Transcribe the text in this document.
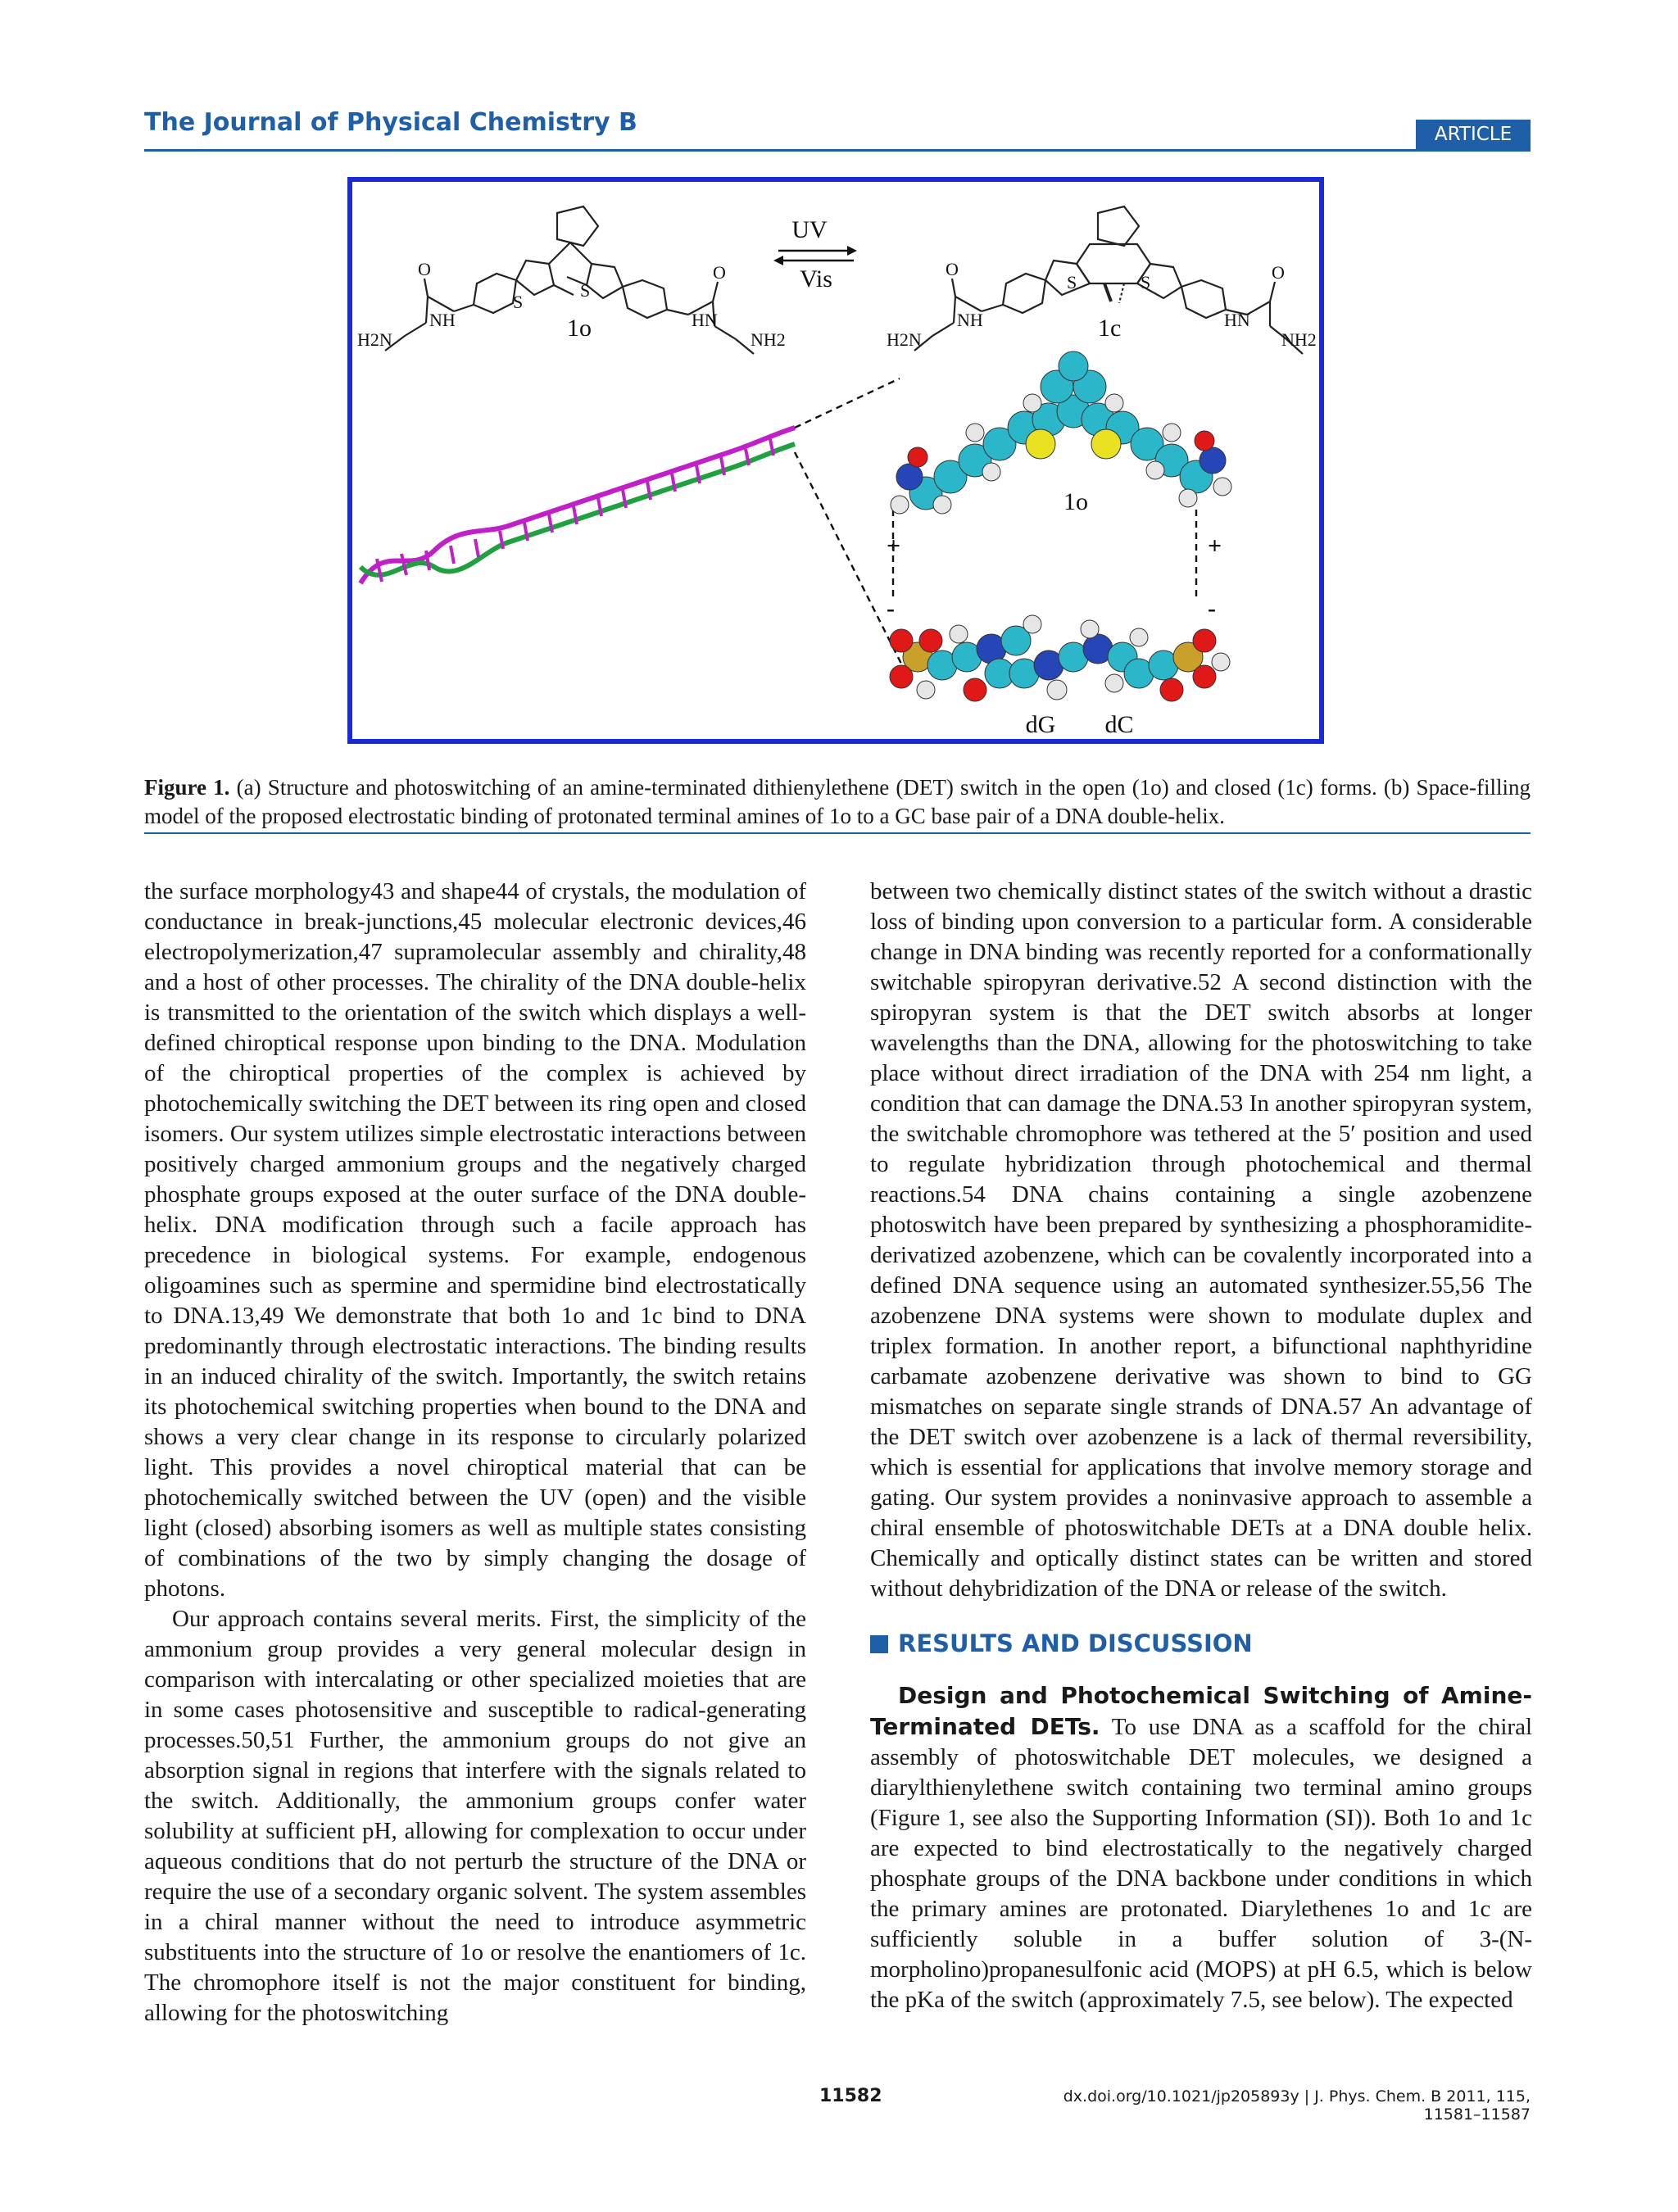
The Journal of Physical Chemistry B	ARTICLE
S
S
O	O
NH	HN
H2N	NH2
1o
UV
Vis	S	S
O	O
NH	HN
H2N	NH2
1c
1o
+	+
-	-
dG dC
Figure 1. (a) Structure and photoswitching of an amine-terminated dithienylethene (DET) switch in the open (1o) and closed (1c) forms. (b) Space-filling model of the proposed electrostatic binding of protonated terminal amines of 1o to a GC base pair of a DNA double-helix.

the surface morphology43 and shape44 of crystals, the modulation of conductance in break-junctions,45 molecular electronic devices,46 electropolymerization,47 supramolecular assembly and chirality,48 and a host of other processes. The chirality of the DNA double-helix is transmitted to the orientation of the switch which displays a well-defined chiroptical response upon binding to the DNA. Modulation of the chiroptical properties of the complex is achieved by photochemically switching the DET between its ring open and closed isomers. Our system utilizes simple electrostatic interactions between positively charged ammonium groups and the negatively charged phosphate groups exposed at the outer surface of the DNA double-helix. DNA modification through such a facile approach has precedence in biological systems. For example, endogenous oligoamines such as spermine and spermidine bind electrostatically to DNA.13,49 We demonstrate that both 1o and 1c bind to DNA predominantly through electrostatic interactions. The binding results in an induced chirality of the switch. Importantly, the switch retains its photochemical switching properties when bound to the DNA and shows a very clear change in its response to circularly polarized light. This provides a novel chiroptical material that can be photochemically switched between the UV (open) and the visible light (closed) absorbing isomers as well as multiple states consisting of combinations of the two by simply changing the dosage of photons.

Our approach contains several merits. First, the simplicity of the ammonium group provides a very general molecular design in comparison with intercalating or other specialized moieties that are in some cases photosensitive and susceptible to radical-generating processes.50,51 Further, the ammonium groups do not give an absorption signal in regions that interfere with the signals related to the switch. Additionally, the ammonium groups confer water solubility at sufficient pH, allowing for complexation to occur under aqueous conditions that do not perturb the structure of the DNA or require the use of a secondary organic solvent. The system assembles in a chiral manner without the need to introduce asymmetric substituents into the structure of 1o or resolve the enantiomers of 1c. The chromophore itself is not the major constituent for binding, allowing for the photoswitching

between two chemically distinct states of the switch without a drastic loss of binding upon conversion to a particular form. A considerable change in DNA binding was recently reported for a conformationally switchable spiropyran derivative.52 A second distinction with the spiropyran system is that the DET switch absorbs at longer wavelengths than the DNA, allowing for the photoswitching to take place without direct irradiation of the DNA with 254 nm light, a condition that can damage the DNA.53 In another spiropyran system, the switchable chromophore was tethered at the 5′ position and used to regulate hybridization through photochemical and thermal reactions.54 DNA chains containing a single azobenzene photoswitch have been prepared by synthesizing a phosphoramidite-derivatized azobenzene, which can be covalently incorporated into a defined DNA sequence using an automated synthesizer.55,56 The azobenzene DNA systems were shown to modulate duplex and triplex formation. In another report, a bifunctional naphthyridine carbamate azobenzene derivative was shown to bind to GG mismatches on separate single strands of DNA.57 An advantage of the DET switch over azobenzene is a lack of thermal reversibility, which is essential for applications that involve memory storage and gating. Our system provides a noninvasive approach to assemble a chiral ensemble of photoswitchable DETs at a DNA double helix. Chemically and optically distinct states can be written and stored without dehybridization of the DNA or release of the switch.

RESULTS AND DISCUSSION
Design and Photochemical Switching of Amine-Terminated DETs. To use DNA as a scaffold for the chiral assembly of photoswitchable DET molecules, we designed a diarylthienylethene switch containing two terminal amino groups (Figure 1, see also the Supporting Information (SI)). Both 1o and 1c are expected to bind electrostatically to the negatively charged phosphate groups of the DNA backbone under conditions in which the primary amines are protonated. Diarylethenes 1o and 1c are sufficiently soluble in a buffer solution of 3-(N-morpholino)propanesulfonic acid (MOPS) at pH 6.5, which is below the pKa of the switch (approximately 7.5, see below). The expected
11582	dx.doi.org/10.1021/jp205893y | J. Phys. Chem. B 2011, 115, 11581–11587
